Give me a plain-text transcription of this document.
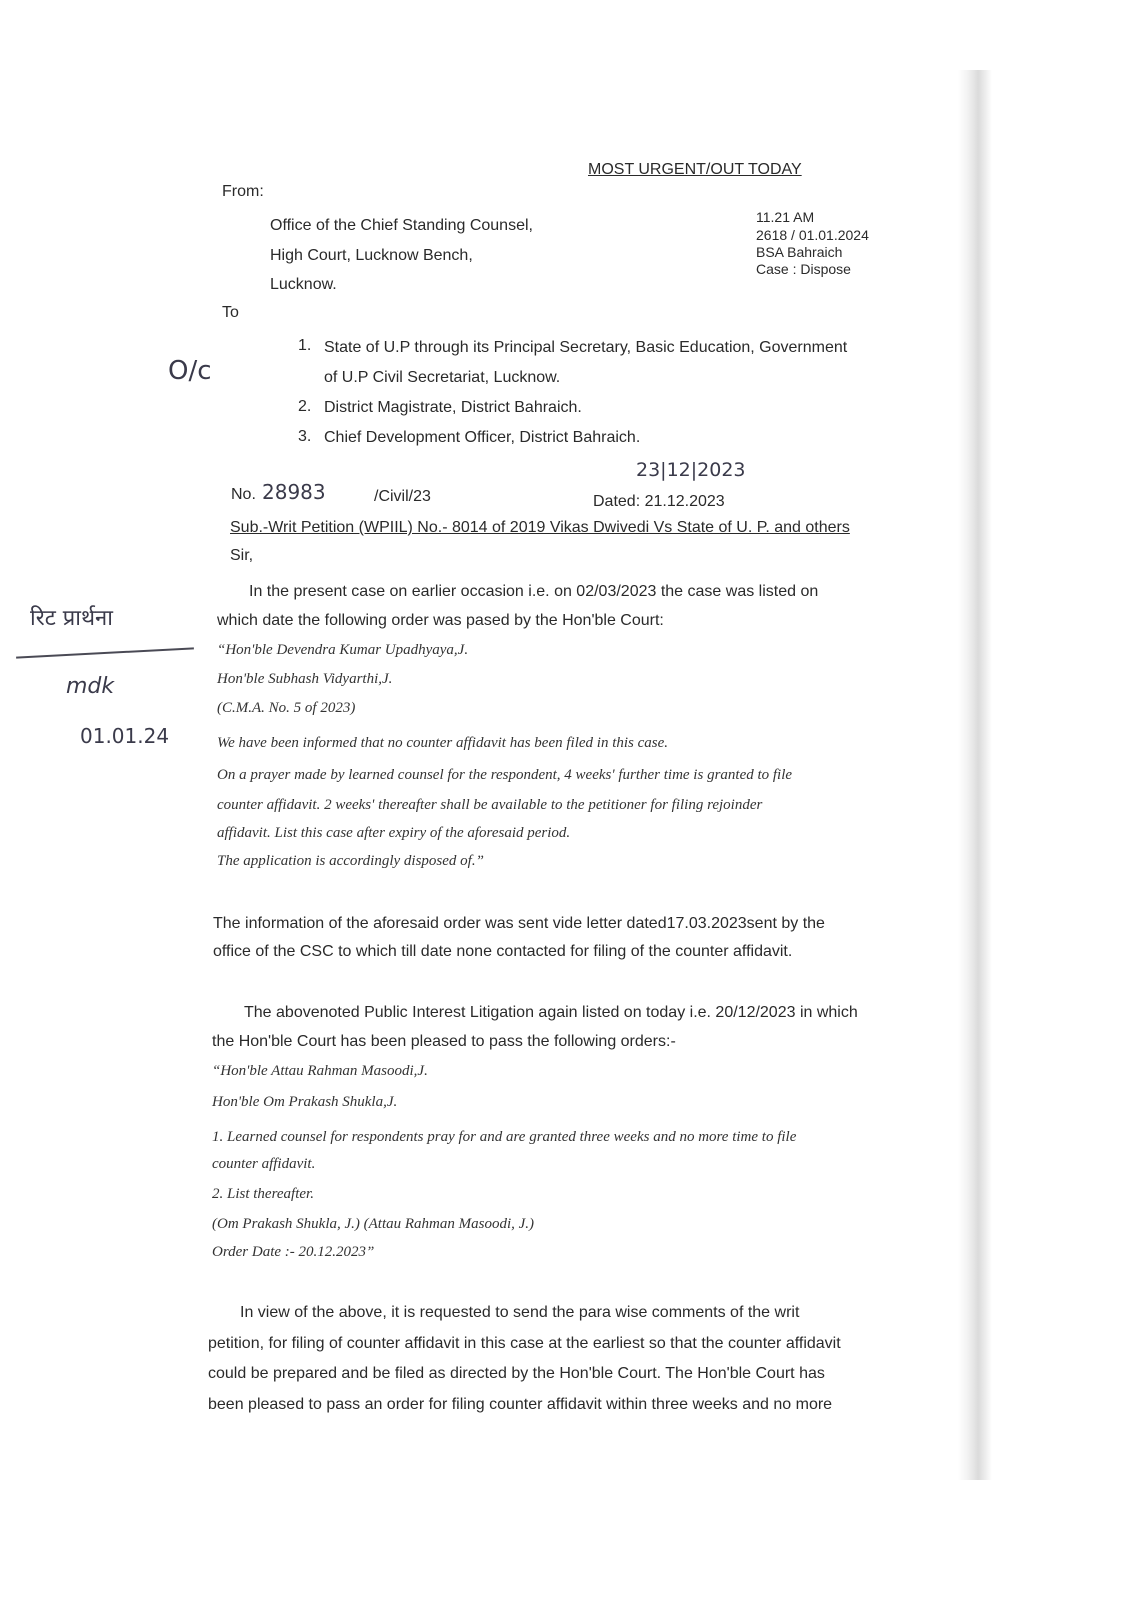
MOST URGENT/OUT TODAY
From:
Office of the Chief Standing Counsel,
High Court, Lucknow Bench,
Lucknow.
11.21 AM
2618 / 01.01.2024
BSA Bahraich
Case : Dispose
To
O/c
रिट प्रार्थना
mdk
01.01.24
1. State of U.P through its Principal Secretary, Basic Education, Government
of U.P Civil Secretariat, Lucknow.
2. District Magistrate, District Bahraich.
3. Chief Development Officer, District Bahraich.
23|12|2023
No. 28983	/Civil/23	Dated: 21.12.2023
Sub.-Writ Petition (WPIIL) No.- 8014 of 2019 Vikas Dwivedi Vs State of U. P. and others
Sir,
In the present case on earlier occasion i.e. on 02/03/2023 the case was listed on
which date the following order was pased by the Hon'ble Court:
“Hon'ble Devendra Kumar Upadhyaya,J.
Hon'ble Subhash Vidyarthi,J.
(C.M.A. No. 5 of 2023)
We have been informed that no counter affidavit has been filed in this case.
On a prayer made by learned counsel for the respondent, 4 weeks' further time is granted to file
counter affidavit. 2 weeks' thereafter shall be available to the petitioner for filing rejoinder
affidavit. List this case after expiry of the aforesaid period.
The application is accordingly disposed of.”
The information of the aforesaid order was sent vide letter dated17.03.2023sent by the
office of the CSC to which till date none contacted for filing of the counter affidavit.
The abovenoted Public Interest Litigation again listed on today i.e. 20/12/2023 in which
the Hon'ble Court has been pleased to pass the following orders:-
“Hon'ble Attau Rahman Masoodi,J.
Hon'ble Om Prakash Shukla,J.
1. Learned counsel for respondents pray for and are granted three weeks and no more time to file
counter affidavit.
2. List thereafter.
(Om Prakash Shukla, J.) (Attau Rahman Masoodi, J.)
Order Date :- 20.12.2023”
In view of the above, it is requested to send the para wise comments of the writ
petition, for filing of counter affidavit in this case at the earliest so that the counter affidavit
could be prepared and be filed as directed by the Hon'ble Court. The Hon'ble Court has
been pleased to pass an order for filing counter affidavit within three weeks and no more
